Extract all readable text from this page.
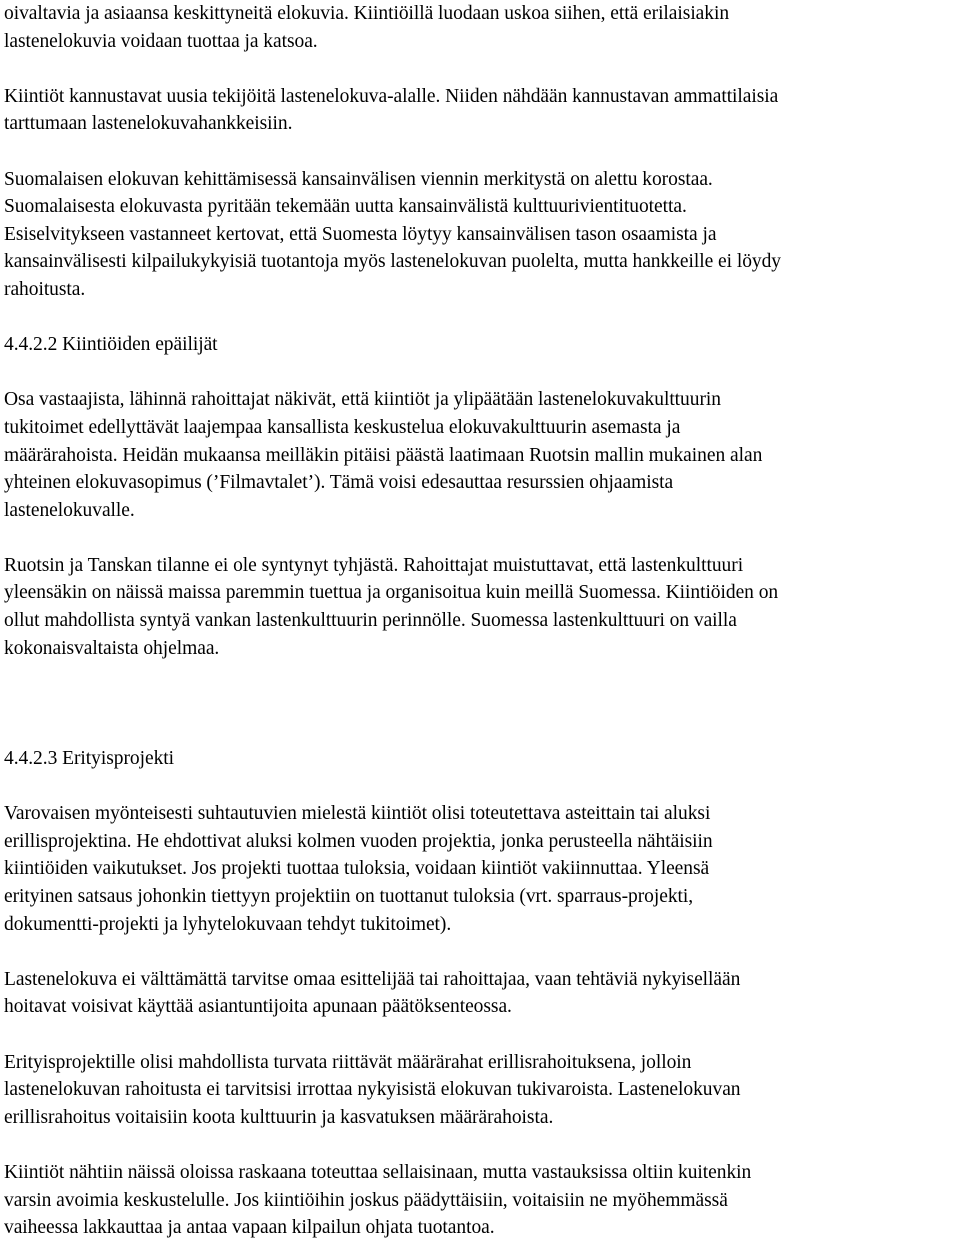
oivaltavia ja asiaansa keskittyneitä elokuvia. Kiintiöillä luodaan uskoa siihen, että erilaisiakin
lastenelokuvia voidaan tuottaa ja katsoa.

Kiintiöt kannustavat uusia tekijöitä lastenelokuva-alalle. Niiden nähdään kannustavan ammattilaisia
tarttumaan lastenelokuvahankkeisiin.

Suomalaisen elokuvan kehittämisessä kansainvälisen viennin merkitystä on alettu korostaa.
Suomalaisesta elokuvasta pyritään tekemään uutta kansainvälistä kulttuurivientituotetta.
Esiselvitykseen vastanneet kertovat, että Suomesta löytyy kansainvälisen tason osaamista ja
kansainvälisesti kilpailukykyisiä tuotantoja myös lastenelokuvan puolelta, mutta hankkeille ei löydy
rahoitusta.

4.4.2.2 Kiintiöiden epäilijät

Osa vastaajista, lähinnä rahoittajat näkivät, että kiintiöt ja ylipäätään lastenelokuvakulttuurin
tukitoimet edellyttävät laajempaa kansallista keskustelua elokuvakulttuurin asemasta ja
määrärahoista. Heidän mukaansa meilläkin pitäisi päästä laatimaan Ruotsin mallin mukainen alan
yhteinen elokuvasopimus (’Filmavtalet’). Tämä voisi edesauttaa resurssien ohjaamista
lastenelokuvalle.

Ruotsin ja Tanskan tilanne ei ole syntynyt tyhjästä. Rahoittajat muistuttavat, että lastenkulttuuri
yleensäkin on näissä maissa paremmin tuettua ja organisoitua kuin meillä Suomessa. Kiintiöiden on
ollut mahdollista syntyä vankan lastenkulttuurin perinnölle. Suomessa lastenkulttuuri on vailla
kokonaisvaltaista ohjelmaa.

4.4.2.3 Erityisprojekti

Varovaisen myönteisesti suhtautuvien mielestä kiintiöt olisi toteutettava asteittain tai aluksi
erillisprojektina. He ehdottivat aluksi kolmen vuoden projektia, jonka perusteella nähtäisiin
kiintiöiden vaikutukset. Jos projekti tuottaa tuloksia, voidaan kiintiöt vakiinnuttaa. Yleensä
erityinen satsaus johonkin tiettyyn projektiin on tuottanut tuloksia (vrt. sparraus-projekti,
dokumentti-projekti ja lyhytelokuvaan tehdyt tukitoimet).

Lastenelokuva ei välttämättä tarvitse omaa esittelijää tai rahoittajaa, vaan tehtäviä nykyisellään
hoitavat voisivat käyttää asiantuntijoita apunaan päätöksenteossa.

Erityisprojektille olisi mahdollista turvata riittävät määrärahat erillisrahoituksena, jolloin
lastenelokuvan rahoitusta ei tarvitsisi irrottaa nykyisistä elokuvan tukivaroista. Lastenelokuvan
erillisrahoitus voitaisiin koota kulttuurin ja kasvatuksen määrärahoista.

Kiintiöt nähtiin näissä oloissa raskaana toteuttaa sellaisinaan, mutta vastauksissa oltiin kuitenkin
varsin avoimia keskustelulle. Jos kiintiöihin joskus päädyttäisiin, voitaisiin ne myöhemmässä
vaiheessa lakkauttaa ja antaa vapaan kilpailun ohjata tuotantoa.
